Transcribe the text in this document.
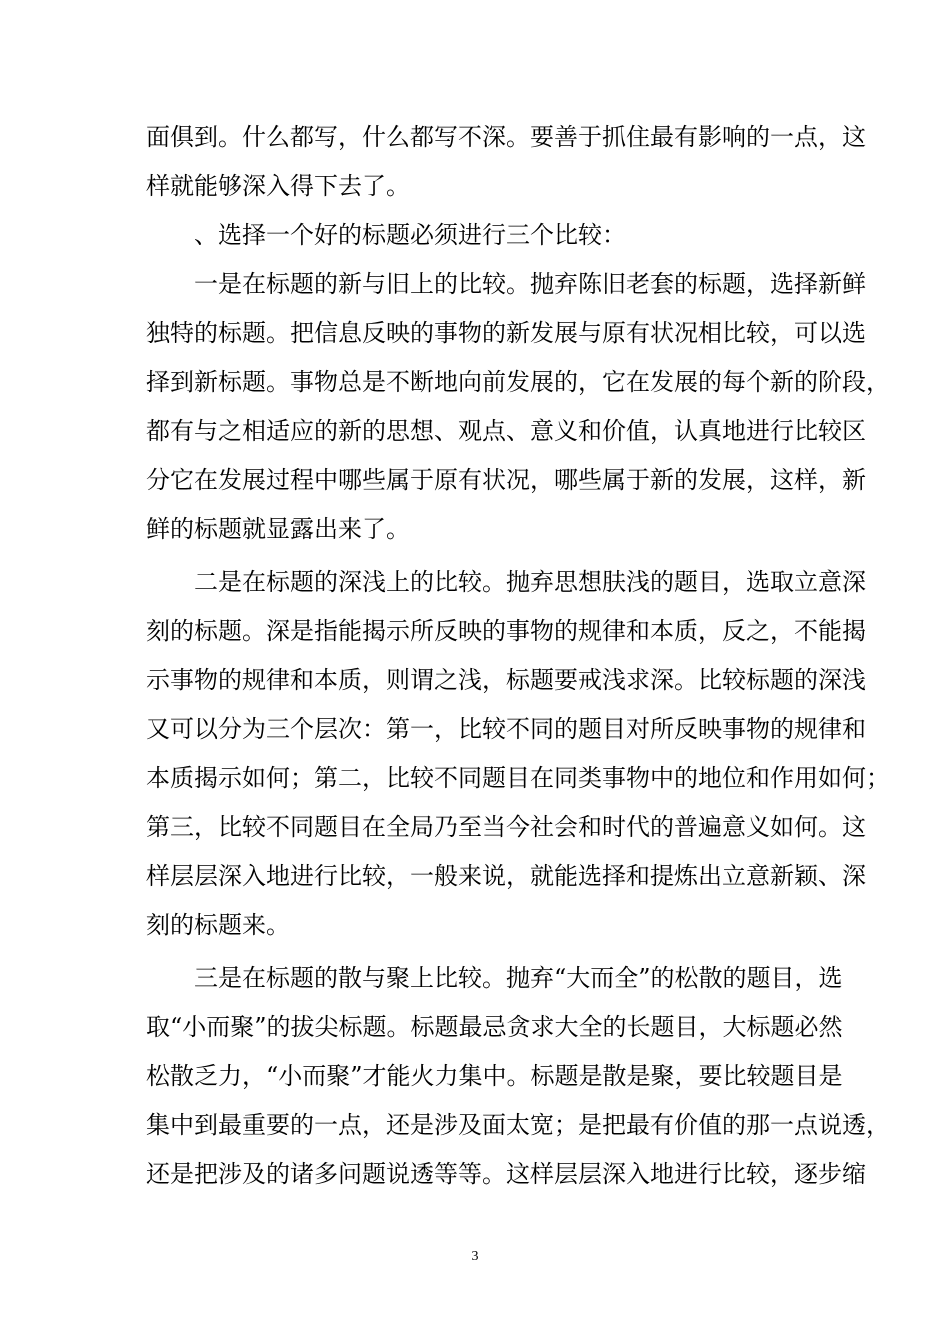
面俱到。什么都写，什么都写不深。要善于抓住最有影响的一点，这
样就能够深入得下去了。
、选择一个好的标题必须进行三个比较：
一是在标题的新与旧上的比较。抛弃陈旧老套的标题，选择新鲜
独特的标题。把信息反映的事物的新发展与原有状况相比较，可以选
择到新标题。事物总是不断地向前发展的，它在发展的每个新的阶段，
都有与之相适应的新的思想、观点、意义和价值，认真地进行比较区
分它在发展过程中哪些属于原有状况，哪些属于新的发展，这样，新
鲜的标题就显露出来了。
二是在标题的深浅上的比较。抛弃思想肤浅的题目，选取立意深
刻的标题。深是指能揭示所反映的事物的规律和本质，反之，不能揭
示事物的规律和本质，则谓之浅，标题要戒浅求深。比较标题的深浅
又可以分为三个层次：第一，比较不同的题目对所反映事物的规律和
本质揭示如何；第二，比较不同题目在同类事物中的地位和作用如何；
第三，比较不同题目在全局乃至当今社会和时代的普遍意义如何。这
样层层深入地进行比较，一般来说，就能选择和提炼出立意新颖、深
刻的标题来。
三是在标题的散与聚上比较。抛弃“大而全”的松散的题目，选
取“小而聚”的拔尖标题。标题最忌贪求大全的长题目，大标题必然
松散乏力，“小而聚”才能火力集中。标题是散是聚，要比较题目是
集中到最重要的一点，还是涉及面太宽；是把最有价值的那一点说透，
还是把涉及的诸多问题说透等等。这样层层深入地进行比较，逐步缩
3
